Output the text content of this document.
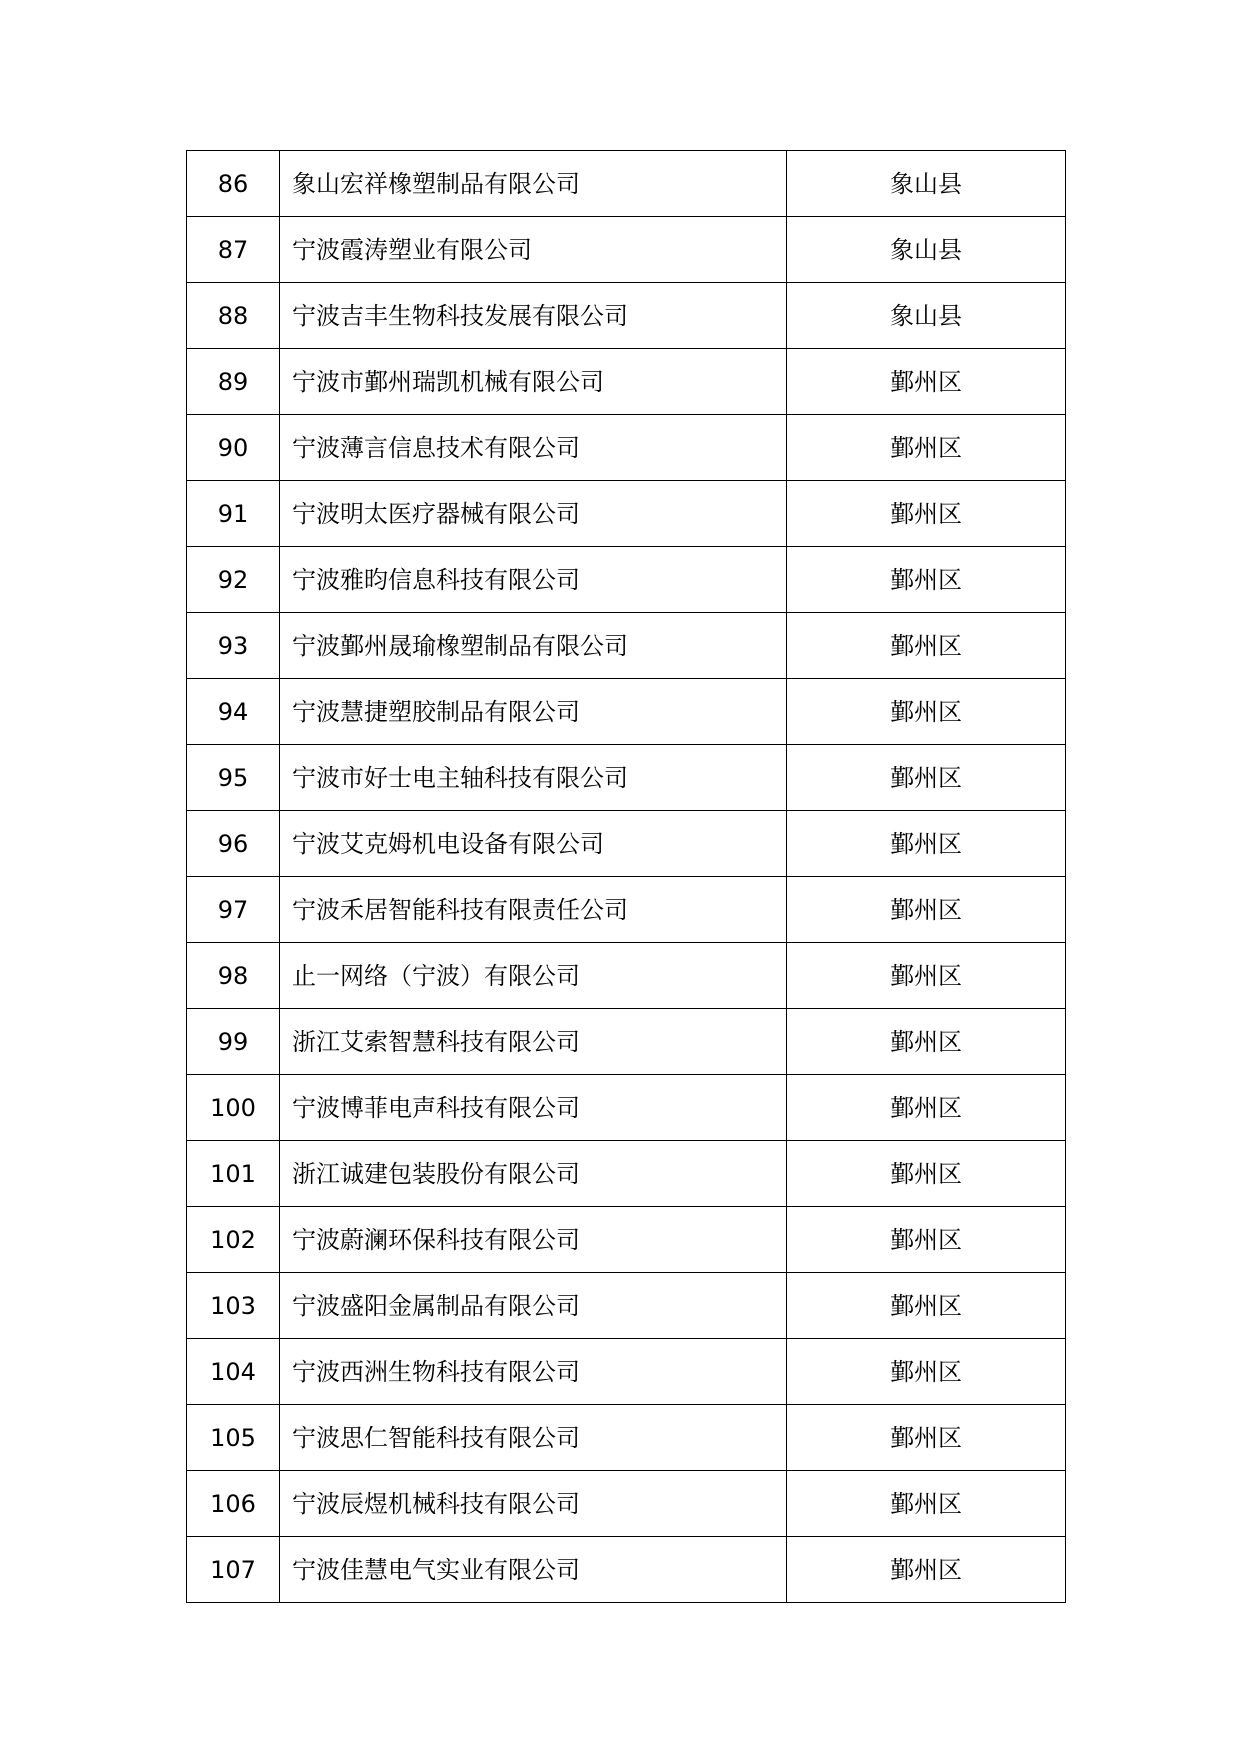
86	象山宏祥橡塑制品有限公司	象山县
87	宁波霞涛塑业有限公司	象山县
88	宁波吉丰生物科技发展有限公司	象山县
89	宁波市鄞州瑞凯机械有限公司	鄞州区
90	宁波薄言信息技术有限公司	鄞州区
91	宁波明太医疗器械有限公司	鄞州区
92	宁波雅昀信息科技有限公司	鄞州区
93	宁波鄞州晟瑜橡塑制品有限公司	鄞州区
94	宁波慧捷塑胶制品有限公司	鄞州区
95	宁波市好士电主轴科技有限公司	鄞州区
96	宁波艾克姆机电设备有限公司	鄞州区
97	宁波禾居智能科技有限责任公司	鄞州区
98	止一网络（宁波）有限公司	鄞州区
99	浙江艾索智慧科技有限公司	鄞州区
100	宁波博菲电声科技有限公司	鄞州区
101	浙江诚建包装股份有限公司	鄞州区
102	宁波蔚澜环保科技有限公司	鄞州区
103	宁波盛阳金属制品有限公司	鄞州区
104	宁波西洲生物科技有限公司	鄞州区
105	宁波思仁智能科技有限公司	鄞州区
106	宁波辰煜机械科技有限公司	鄞州区
107	宁波佳慧电气实业有限公司	鄞州区
